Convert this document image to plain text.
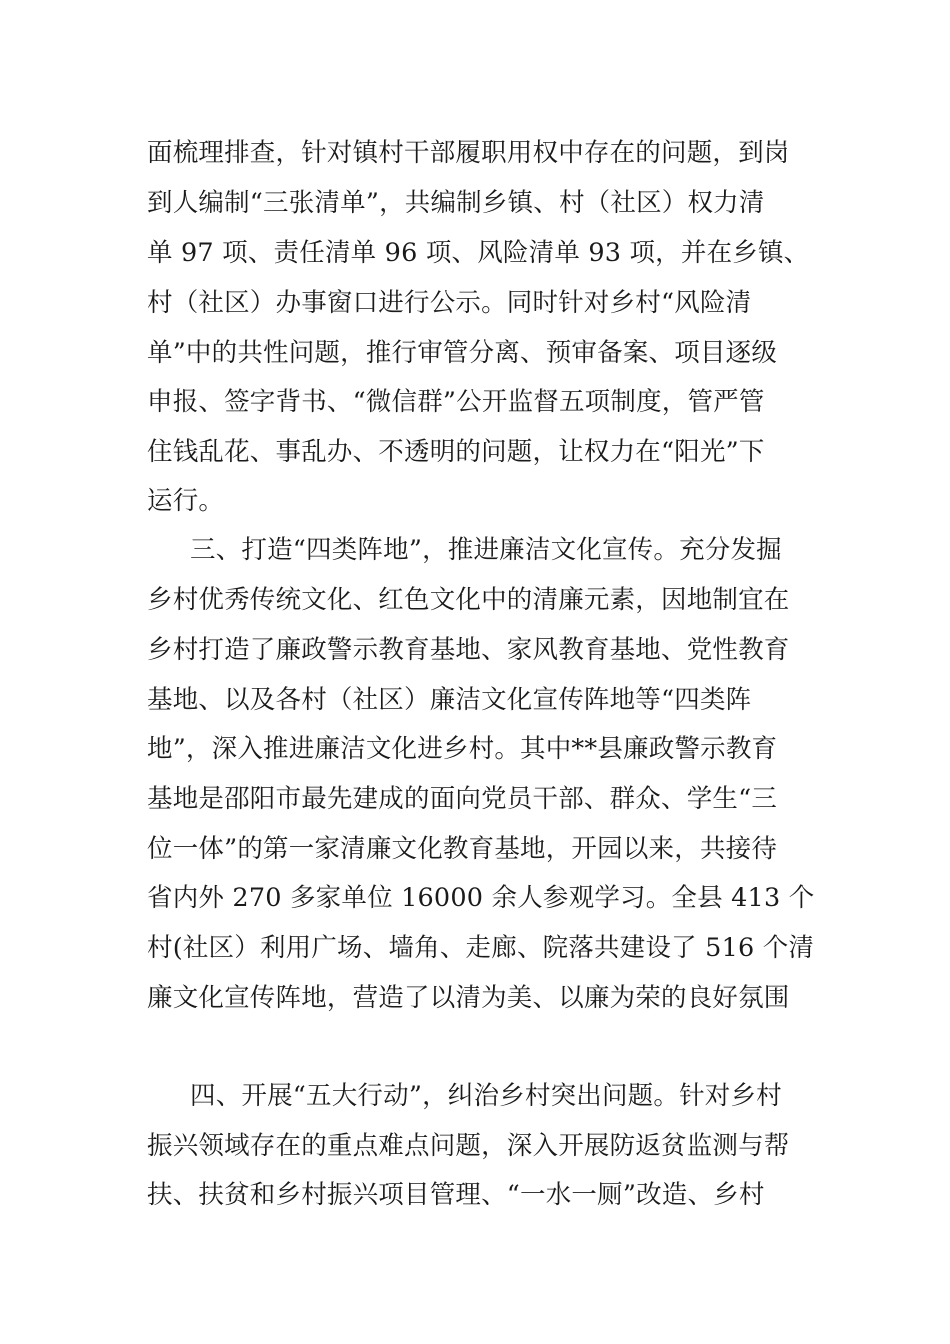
面梳理排查，针对镇村干部履职用权中存在的问题，到岗
到人编制“三张清单”，共编制乡镇、村（社区）权力清
单 97 项、责任清单 96 项、风险清单 93 项，并在乡镇、
村（社区）办事窗口进行公示。同时针对乡村“风险清
单”中的共性问题，推行审管分离、预审备案、项目逐级
申报、签字背书、“微信群”公开监督五项制度，管严管
住钱乱花、事乱办、不透明的问题，让权力在“阳光”下
运行。
三、打造“四类阵地”，推进廉洁文化宣传。充分发掘
乡村优秀传统文化、红色文化中的清廉元素，因地制宜在
乡村打造了廉政警示教育基地、家风教育基地、党性教育
基地、以及各村（社区）廉洁文化宣传阵地等“四类阵
地”，深入推进廉洁文化进乡村。其中**县廉政警示教育
基地是邵阳市最先建成的面向党员干部、群众、学生“三
位一体”的第一家清廉文化教育基地，开园以来，共接待
省内外 270 多家单位 16000 余人参观学习。全县 413 个
村(社区）利用广场、墙角、走廊、院落共建设了 516 个清
廉文化宣传阵地，营造了以清为美、以廉为荣的良好氛围
四、开展“五大行动”，纠治乡村突出问题。针对乡村
振兴领域存在的重点难点问题，深入开展防返贫监测与帮
扶、扶贫和乡村振兴项目管理、“一水一厕”改造、乡村
